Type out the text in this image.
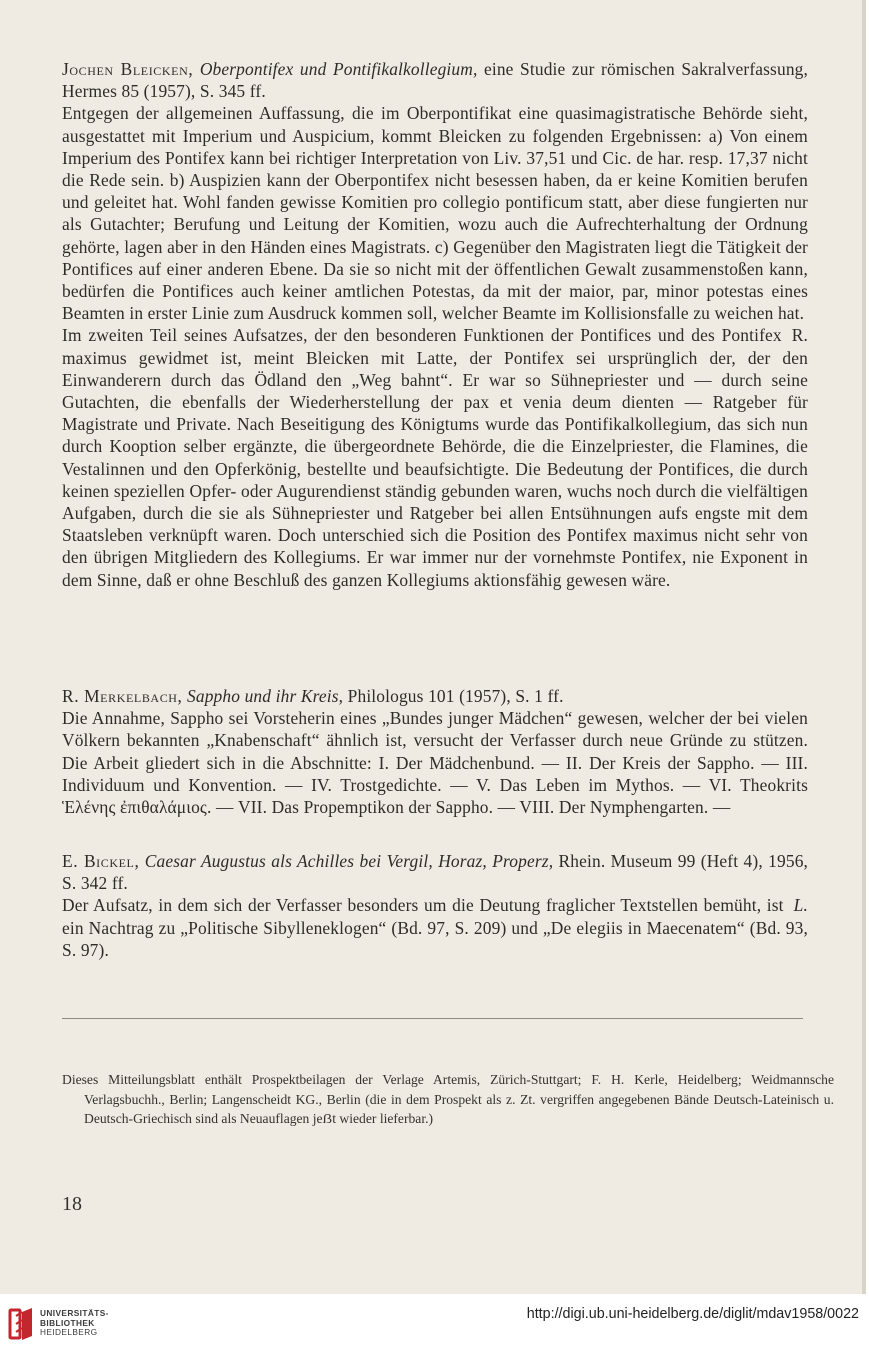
Jochen Bleicken, Oberpontifex und Pontifikalkollegium, eine Studie zur römischen Sakralverfassung, Hermes 85 (1957), S. 345 ff.

Entgegen der allgemeinen Auffassung, die im Oberpontifikat eine quasimagistratische Behörde sieht, ausgestattet mit Imperium und Auspicium, kommt Bleicken zu folgenden Ergebnissen: a) Von einem Imperium des Pontifex kann bei richtiger Interpretation von Liv. 37,51 und Cic. de har. resp. 17,37 nicht die Rede sein. b) Auspizien kann der Oberpontifex nicht besessen haben, da er keine Komitien berufen und geleitet hat. Wohl fanden gewisse Komitien pro collegio pontificum statt, aber diese fungierten nur als Gutachter; Berufung und Leitung der Komitien, wozu auch die Aufrechterhaltung der Ordnung gehörte, lagen aber in den Händen eines Magistrats. c) Gegenüber den Magistraten liegt die Tätigkeit der Pontifices auf einer anderen Ebene. Da sie so nicht mit der öffentlichen Gewalt zusammenstoßen kann, bedürfen die Pontifices auch keiner amtlichen Potestas, da mit der maior, par, minor potestas eines Beamten in erster Linie zum Ausdruck kommen soll, welcher Beamte im Kollisionsfalle zu weichen hat.

R.
Im zweiten Teil seines Aufsatzes, der den besonderen Funktionen der Pontifices und des Pontifex maximus gewidmet ist, meint Bleicken mit Latte, der Pontifex sei ursprünglich der, der den Einwanderern durch das Ödland den „Weg bahnt“. Er war so Sühnepriester und — durch seine Gutachten, die ebenfalls der Wiederherstellung der pax et venia deum dienten — Ratgeber für Magistrate und Private. Nach Beseitigung des Königtums wurde das Pontifikalkollegium, das sich nun durch Kooption selber ergänzte, die übergeordnete Behörde, die die Einzelpriester, die Flamines, die Vestalinnen und den Opferkönig, bestellte und beaufsichtigte. Die Bedeutung der Pontifices, die durch keinen speziellen Opfer- oder Augurendienst ständig gebunden waren, wuchs noch durch die vielfältigen Aufgaben, durch die sie als Sühnepriester und Ratgeber bei allen Entsühnungen aufs engste mit dem Staatsleben verknüpft waren. Doch unterschied sich die Position des Pontifex maximus nicht sehr von den übrigen Mitgliedern des Kollegiums. Er war immer nur der vornehmste Pontifex, nie Exponent in dem Sinne, daß er ohne Beschluß des ganzen Kollegiums aktionsfähig gewesen wäre.

R. Merkelbach, Sappho und ihr Kreis, Philologus 101 (1957), S. 1 ff.

Die Annahme, Sappho sei Vorsteherin eines „Bundes junger Mädchen“ gewesen, welcher der bei vielen Völkern bekannten „Knabenschaft“ ähnlich ist, versucht der Verfasser durch neue Gründe zu stützen. Die Arbeit gliedert sich in die Abschnitte: I. Der Mädchenbund. — II. Der Kreis der Sappho. — III. Individuum und Konvention. — IV. Trostgedichte. — V. Das Leben im Mythos. — VI. Theokrits Ἑλένης ἐπιθαλάμιος. — VII. Das Propemptikon der Sappho. — VIII. Der Nymphengarten. —

E. Bickel, Caesar Augustus als Achilles bei Vergil, Horaz, Properz, Rhein. Museum 99 (Heft 4), 1956, S. 342 ff.

L.
Der Aufsatz, in dem sich der Verfasser besonders um die Deutung fraglicher Textstellen bemüht, ist ein Nachtrag zu „Politische Sibylleneklogen“ (Bd. 97, S. 209) und „De elegiis in Maecenatem“ (Bd. 93, S. 97).

Dieses Mitteilungsblatt enthält Prospektbeilagen der Verlage Artemis, Zürich-Stuttgart; F. H. Kerle, Heidelberg; Weidmannsche Verlagsbuchh., Berlin; Langenscheidt KG., Berlin (die in dem Prospekt als z. Zt. vergriffen angegebenen Bände Deutsch-Lateinisch u. Deutsch-Griechisch sind als Neuauflagen jeẞt wieder lieferbar.)
18
UNIVERSITÄTS-
BIBLIOTHEK
HEIDELBERG
http://digi.ub.uni-heidelberg.de/diglit/mdav1958/0022
